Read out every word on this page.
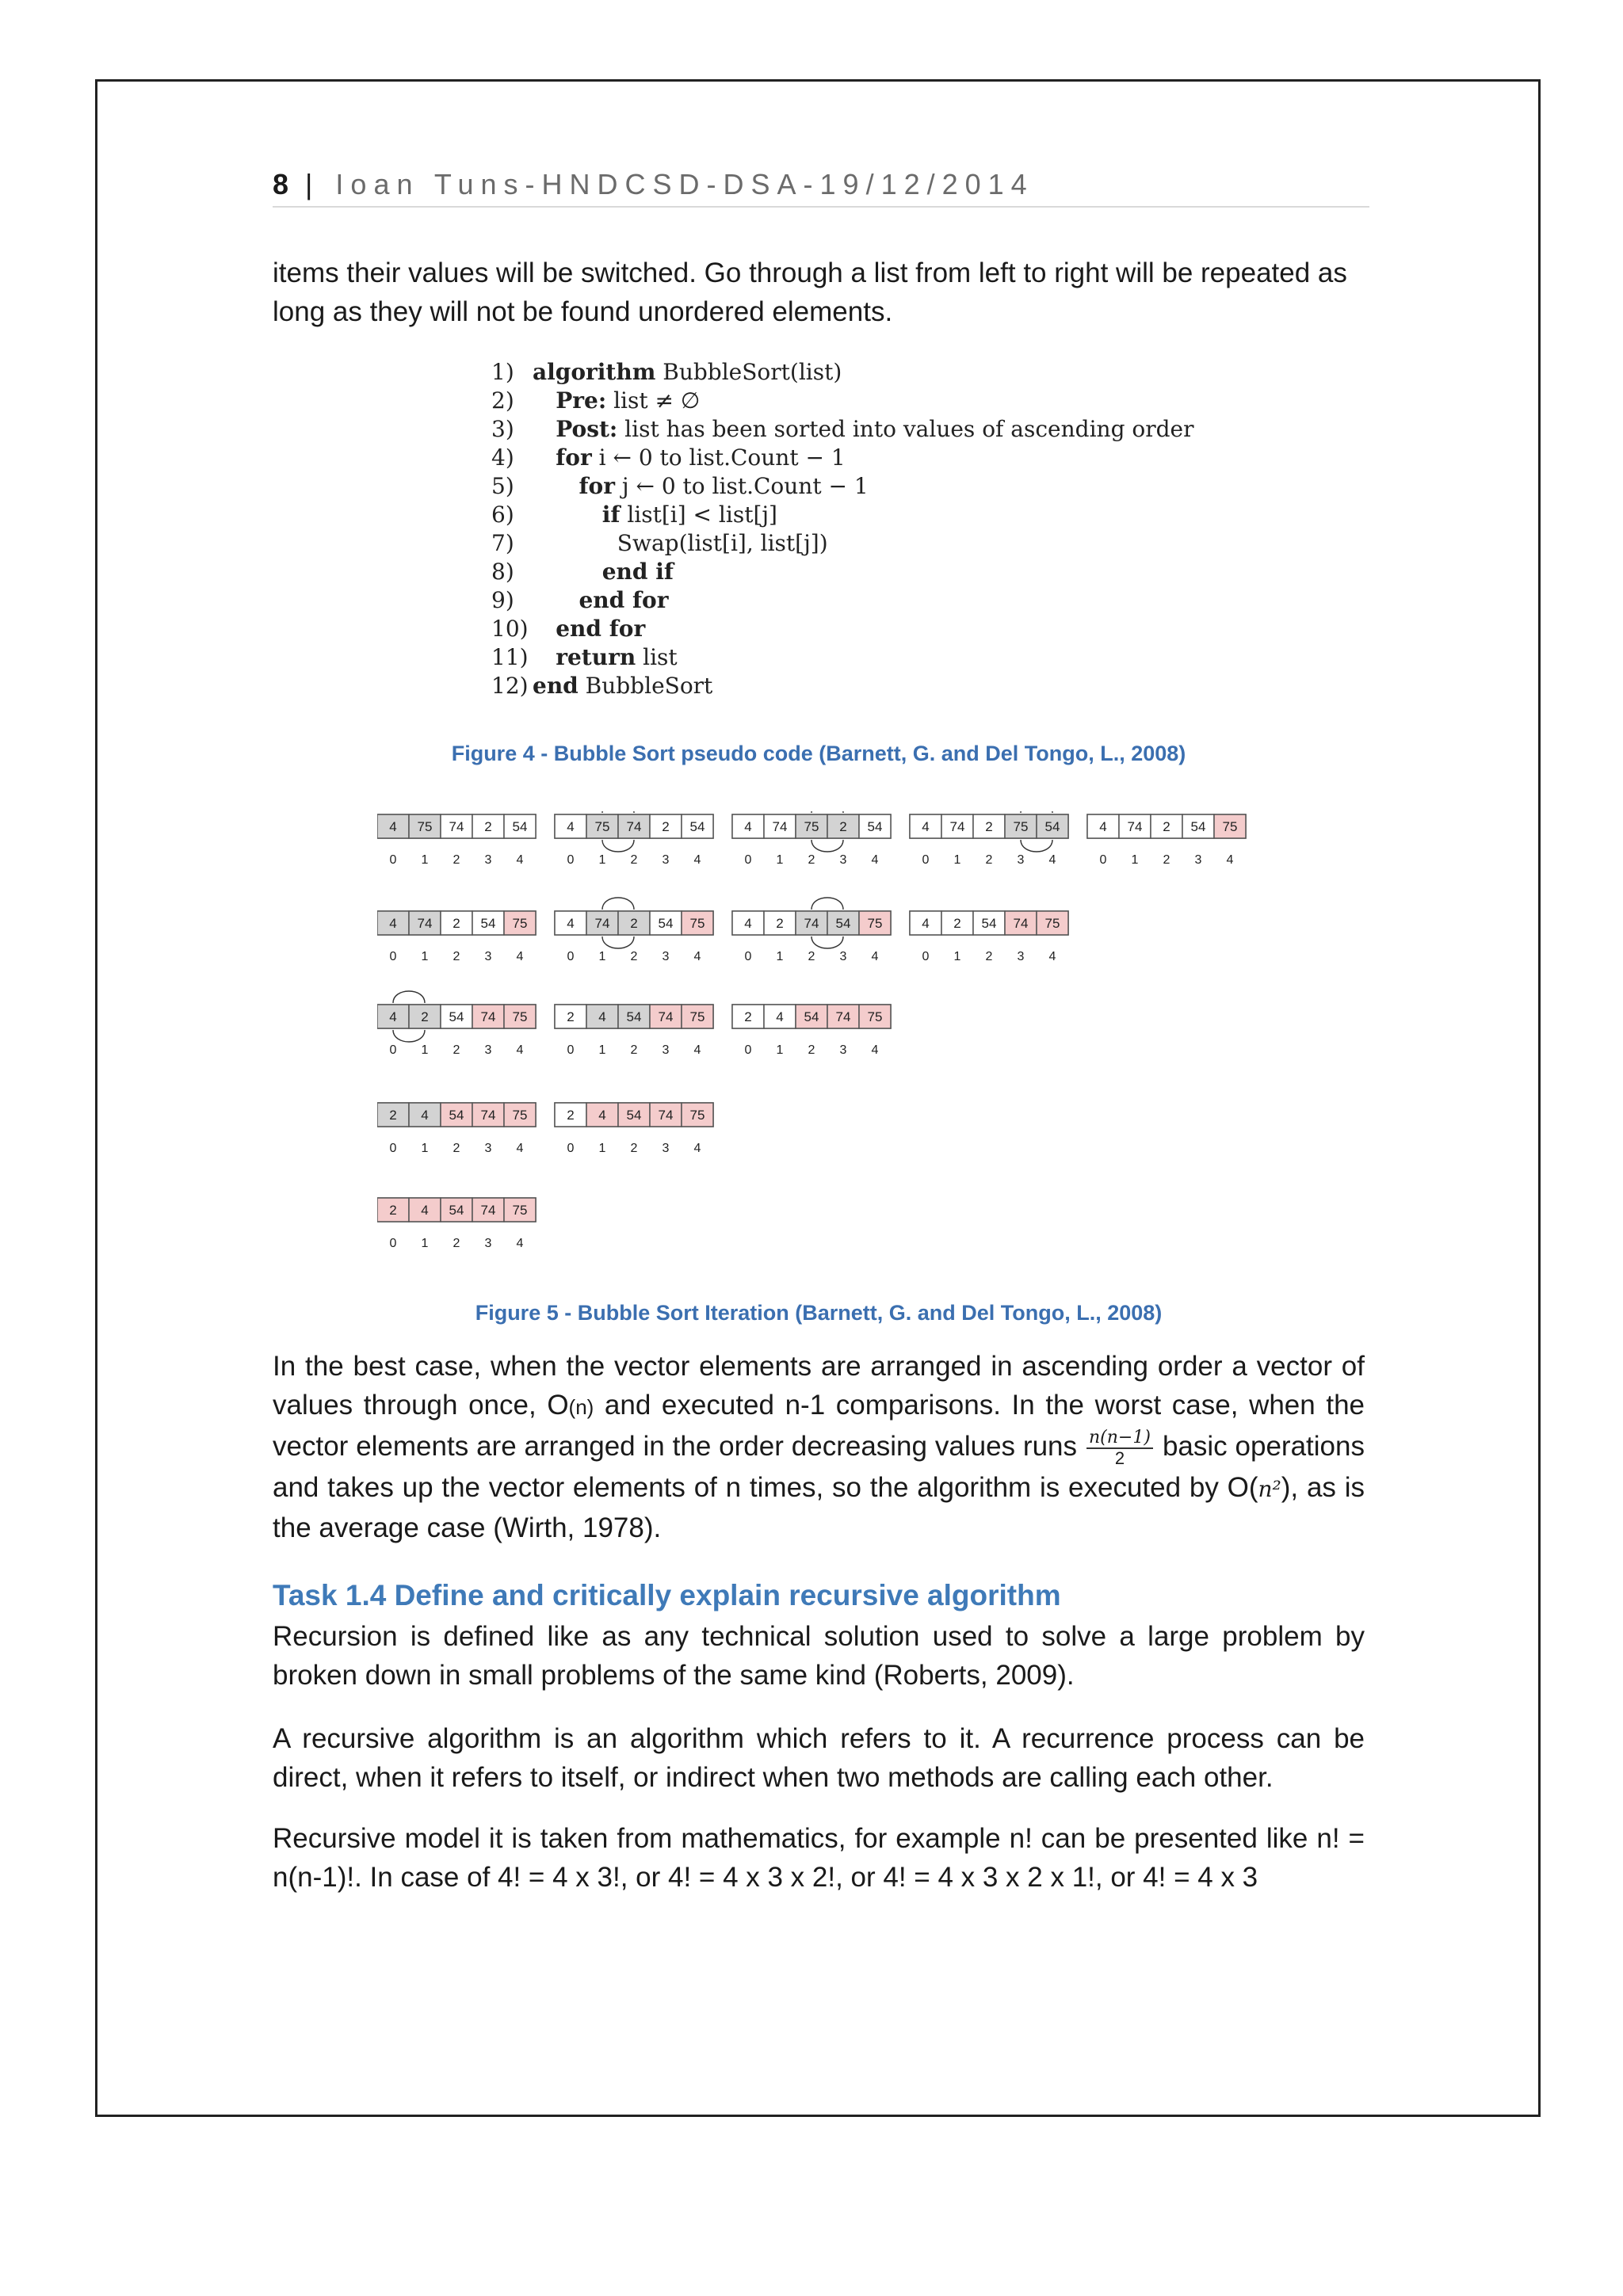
8 | Ioan Tuns-HNDCSD-DSA-19/12/2014

items their values will be switched. Go through a list from left to right will be repeated as long as they will not be found unordered elements.

1) algorithm BubbleSort(list)
2) Pre: list ≠ ∅
3) Post: list has been sorted into values of ascending order
4) for i ← 0 to list.Count − 1
5) for j ← 0 to list.Count − 1
6) if list[i] < list[j]
7) Swap(list[i], list[j])
8) end if
9) end for
10) end for
11) return list
12) end BubbleSort
Figure 4 - Bubble Sort pseudo code (Barnett, G. and Del Tongo, L., 2008)
4
0
75
1
74
2
2
3
54
4
4
0
75
1
74
2
2
3
54
4
4
0
74
1
75
2
2
3
54
4
4
0
74
1
2
2
75
3
54
4
4
0
74
1
2
2
54
3
75
4
4
0
74
1
2
2
54
3
75
4
4
0
74
1
2
2
54
3
75
4
4
0
2
1
74
2
54
3
75
4
4
0
2
1
54
2
74
3
75
4
4
0
2
1
54
2
74
3
75
4
2
0
4
1
54
2
74
3
75
4
2
0
4
1
54
2
74
3
75
4
2
0
4
1
54
2
74
3
75
4
2
0
4
1
54
2
74
3
75
4
2
0
4
1
54
2
74
3
75
4
Figure 5 - Bubble Sort Iteration (Barnett, G. and Del Tongo, L., 2008)

In the best case, when the vector elements are arranged in ascending order a vector of values through once, O(n) and executed n-1 comparisons. In the worst case, when the vector elements are arranged in the order decreasing values runs $\frac{n(n-1)}{2}$ basic operations and takes up the vector elements of n times, so the algorithm is executed by O(n²), as is the average case (Wirth, 1978).

Task 1.4 Define and critically explain recursive algorithm

Recursion is defined like as any technical solution used to solve a large problem by broken down in small problems of the same kind (Roberts, 2009).

A recursive algorithm is an algorithm which refers to it. A recurrence process can be direct, when it refers to itself, or indirect when two methods are calling each other.

Recursive model it is taken from mathematics, for example n! can be presented like n! = n(n-1)!. In case of 4! = 4 x 3!, or 4! = 4 x 3 x 2!, or 4! = 4 x 3 x 2 x 1!, or 4! = 4 x 3
